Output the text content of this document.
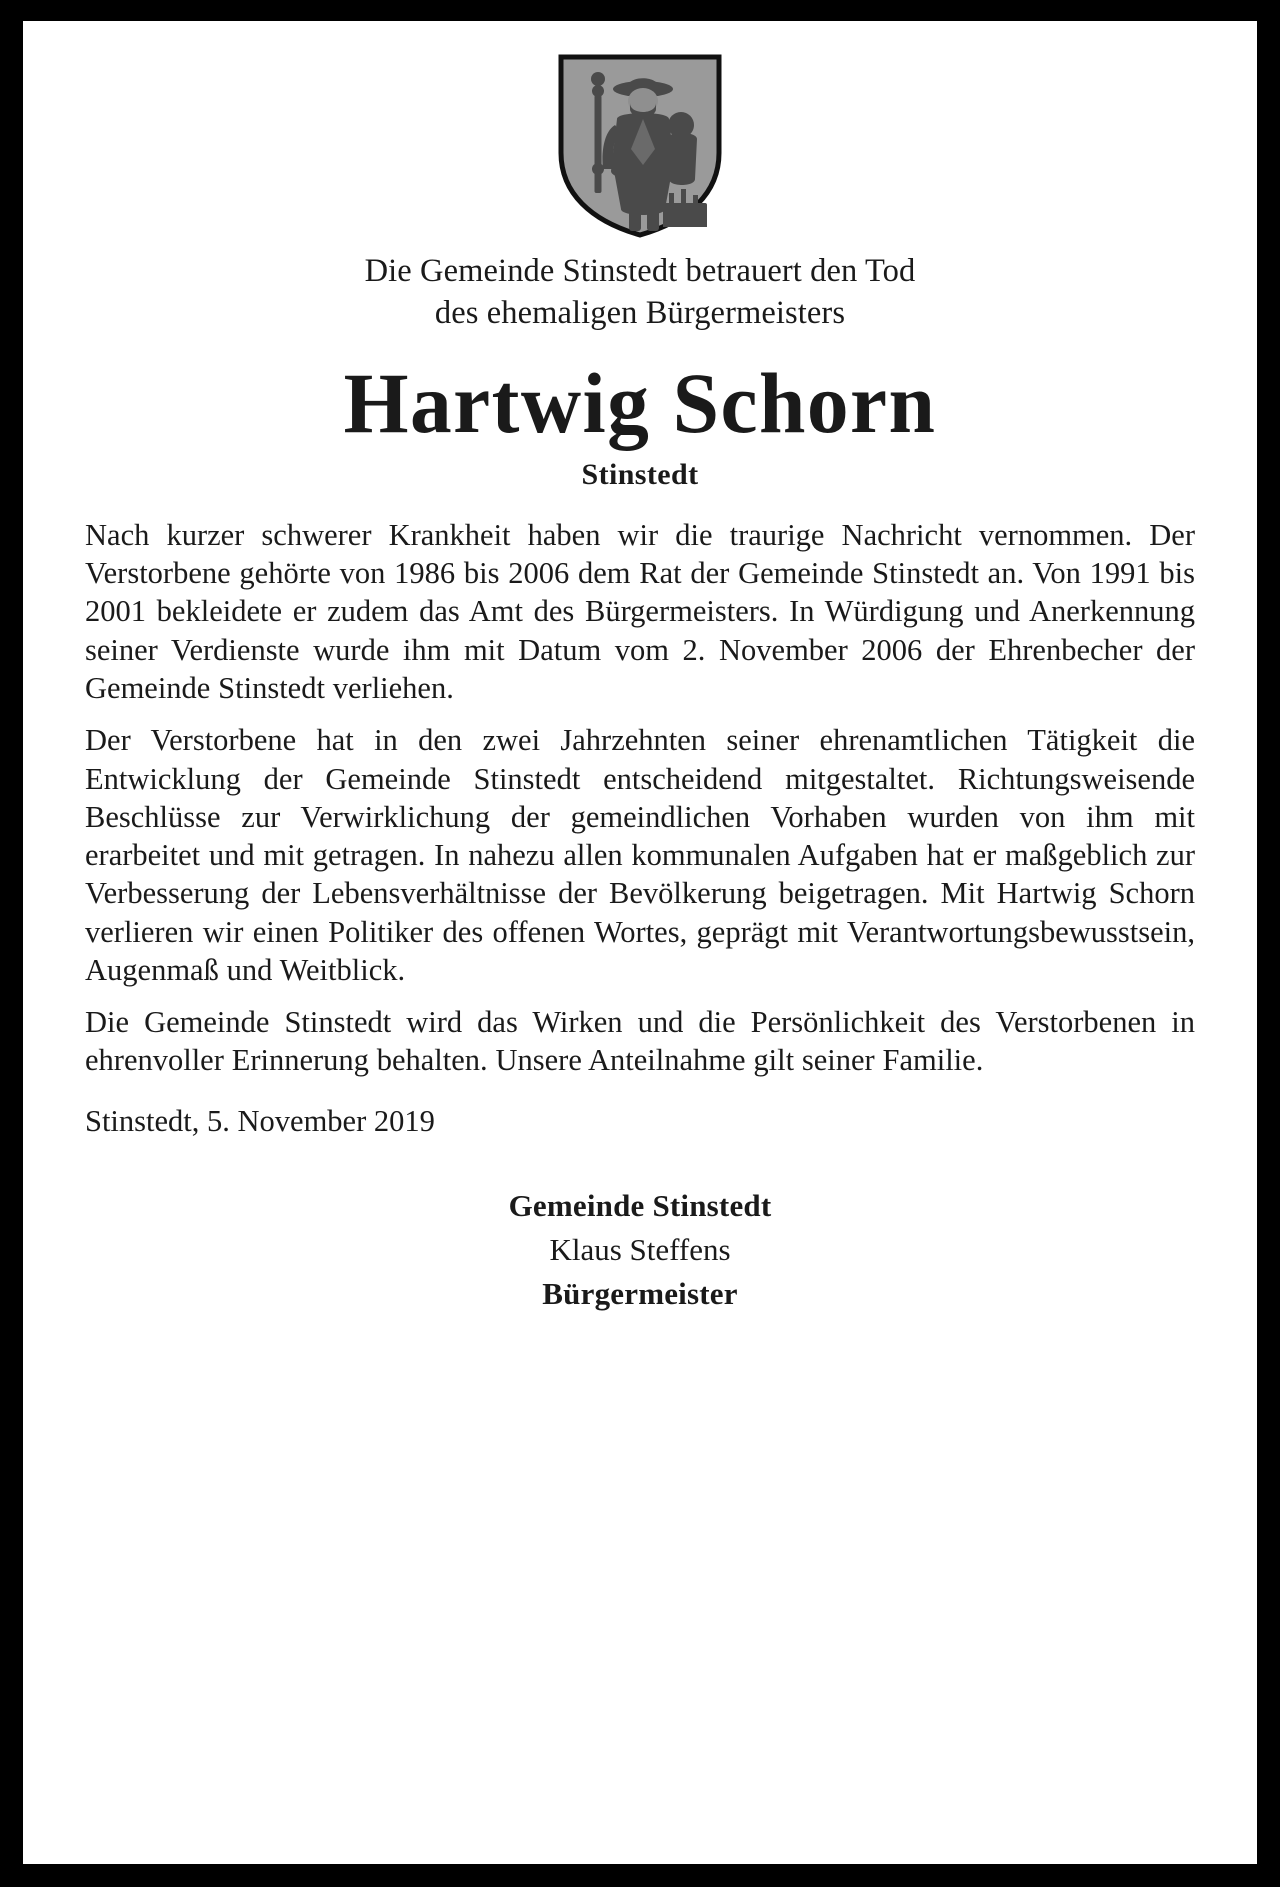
Die Gemeinde Stinstedt betrauert den Tod
des ehemaligen Bürgermeisters
Hartwig Schorn
Stinstedt

Nach kurzer schwerer Krankheit haben wir die traurige Nachricht vernommen. Der Verstorbene gehörte von 1986 bis 2006 dem Rat der Gemeinde Stinstedt an. Von 1991 bis 2001 bekleidete er zudem das Amt des Bürgermeisters. In Würdigung und Anerkennung seiner Verdienste wurde ihm mit Datum vom 2. November 2006 der Ehrenbecher der Gemeinde Stinstedt verliehen.

Der Verstorbene hat in den zwei Jahrzehnten seiner ehrenamtlichen Tätigkeit die Entwicklung der Gemeinde Stinstedt entscheidend mitgestaltet. Richtungsweisende Beschlüsse zur Verwirklichung der gemeindlichen Vorhaben wurden von ihm mit erarbeitet und mit getragen. In nahezu allen kommunalen Aufgaben hat er maßgeblich zur Verbesserung der Lebensverhältnisse der Bevölkerung beigetragen. Mit Hartwig Schorn verlieren wir einen Politiker des offenen Wortes, geprägt mit Verantwortungsbewusstsein, Augenmaß und Weitblick.

Die Gemeinde Stinstedt wird das Wirken und die Persönlichkeit des Verstorbenen in ehrenvoller Erinnerung behalten. Unsere Anteilnahme gilt seiner Familie.

Stinstedt, 5. November 2019
Gemeinde Stinstedt
Klaus Steffens
Bürgermeister
